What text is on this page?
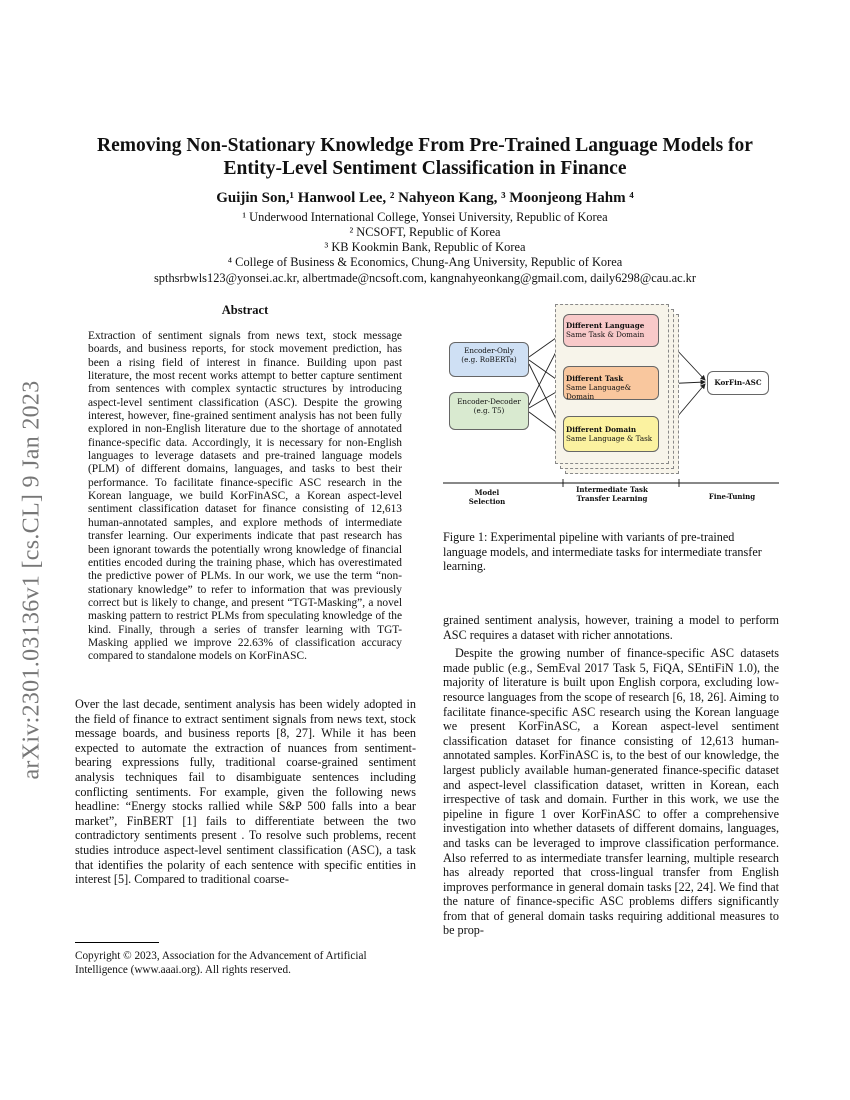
arXiv:2301.03136v1 [cs.CL] 9 Jan 2023
Removing Non-Stationary Knowledge From Pre-Trained Language Models for Entity-Level Sentiment Classification in Finance
Guijin Son,¹ Hanwool Lee, ² Nahyeon Kang, ³ Moonjeong Hahm ⁴
¹ Underwood International College, Yonsei University, Republic of Korea
² NCSOFT, Republic of Korea
³ KB Kookmin Bank, Republic of Korea
⁴ College of Business & Economics, Chung-Ang University, Republic of Korea
spthsrbwls123@yonsei.ac.kr, albertmade@ncsoft.com, kangnahyeonkang@gmail.com, daily6298@cau.ac.kr
Abstract
Extraction of sentiment signals from news text, stock message boards, and business reports, for stock movement prediction, has been a rising field of interest in finance. Building upon past literature, the most recent works attempt to better capture sentiment from sentences with complex syntactic structures by introducing aspect-level sentiment classification (ASC). Despite the growing interest, however, fine-grained sentiment analysis has not been fully explored in non-English literature due to the shortage of annotated finance-specific data. Accordingly, it is necessary for non-English languages to leverage datasets and pre-trained language models (PLM) of different domains, languages, and tasks to best their performance. To facilitate finance-specific ASC research in the Korean language, we build KorFinASC, a Korean aspect-level sentiment classification dataset for finance consisting of 12,613 human-annotated samples, and explore methods of intermediate transfer learning. Our experiments indicate that past research has been ignorant towards the potentially wrong knowledge of financial entities encoded during the training phase, which has overestimated the predictive power of PLMs. In our work, we use the term “non-stationary knowledge” to refer to information that was previously correct but is likely to change, and present “TGT-Masking”, a novel masking pattern to restrict PLMs from speculating knowledge of the kind. Finally, through a series of transfer learning with TGT-Masking applied we improve 22.63% of classification accuracy compared to standalone models on KorFinASC.
Over the last decade, sentiment analysis has been widely adopted in the field of finance to extract sentiment signals from news text, stock message boards, and business reports [8, 27]. While it has been expected to automate the extraction of nuances from sentiment-bearing expressions fully, traditional coarse-grained sentiment analysis techniques fail to disambiguate sentences including conflicting sentiments. For example, given the following news headline: “Energy stocks rallied while S&P 500 falls into a bear market”, FinBERT [1] fails to differentiate between the two contradictory sentiments present . To resolve such problems, recent studies introduce aspect-level sentiment classification (ASC), a task that identifies the polarity of each sentence with specific entities in interest [5]. Compared to traditional coarse-
Copyright © 2023, Association for the Advancement of Artificial Intelligence (www.aaai.org). All rights reserved.
Encoder-Only
(e.g. RoBERTa)
Encoder-Decoder
(e.g. T5)
Different Language
Same Task & Domain
Different Task
Same Language& Domain
Different Domain
Same Language & Task
KorFin-ASC
Model Selection
Intermediate Task Transfer Learning	Fine-Tuning
Figure 1: Experimental pipeline with variants of pre-trained language models, and intermediate tasks for intermediate transfer learning.

grained sentiment analysis, however, training a model to perform ASC requires a dataset with richer annotations.

Despite the growing number of finance-specific ASC datasets made public (e.g., SemEval 2017 Task 5, FiQA, SEntiFiN 1.0), the majority of literature is built upon English corpora, excluding low-resource languages from the scope of research [6, 18, 26]. Aiming to facilitate finance-specific ASC research using the Korean language we present KorFinASC, a Korean aspect-level sentiment classification dataset for finance consisting of 12,613 human-annotated samples. KorFinASC is, to the best of our knowledge, the largest publicly available human-generated finance-specific dataset and aspect-level classification dataset, written in Korean, each irrespective of task and domain. Further in this work, we use the pipeline in figure 1 over KorFinASC to offer a comprehensive investigation into whether datasets of different domains, languages, and tasks can be leveraged to improve classification performance. Also referred to as intermediate transfer learning, multiple research has already reported that cross-lingual transfer from English improves performance in general domain tasks [22, 24]. We find that the nature of finance-specific ASC problems differs significantly from that of general domain tasks requiring additional measures to be prop-
